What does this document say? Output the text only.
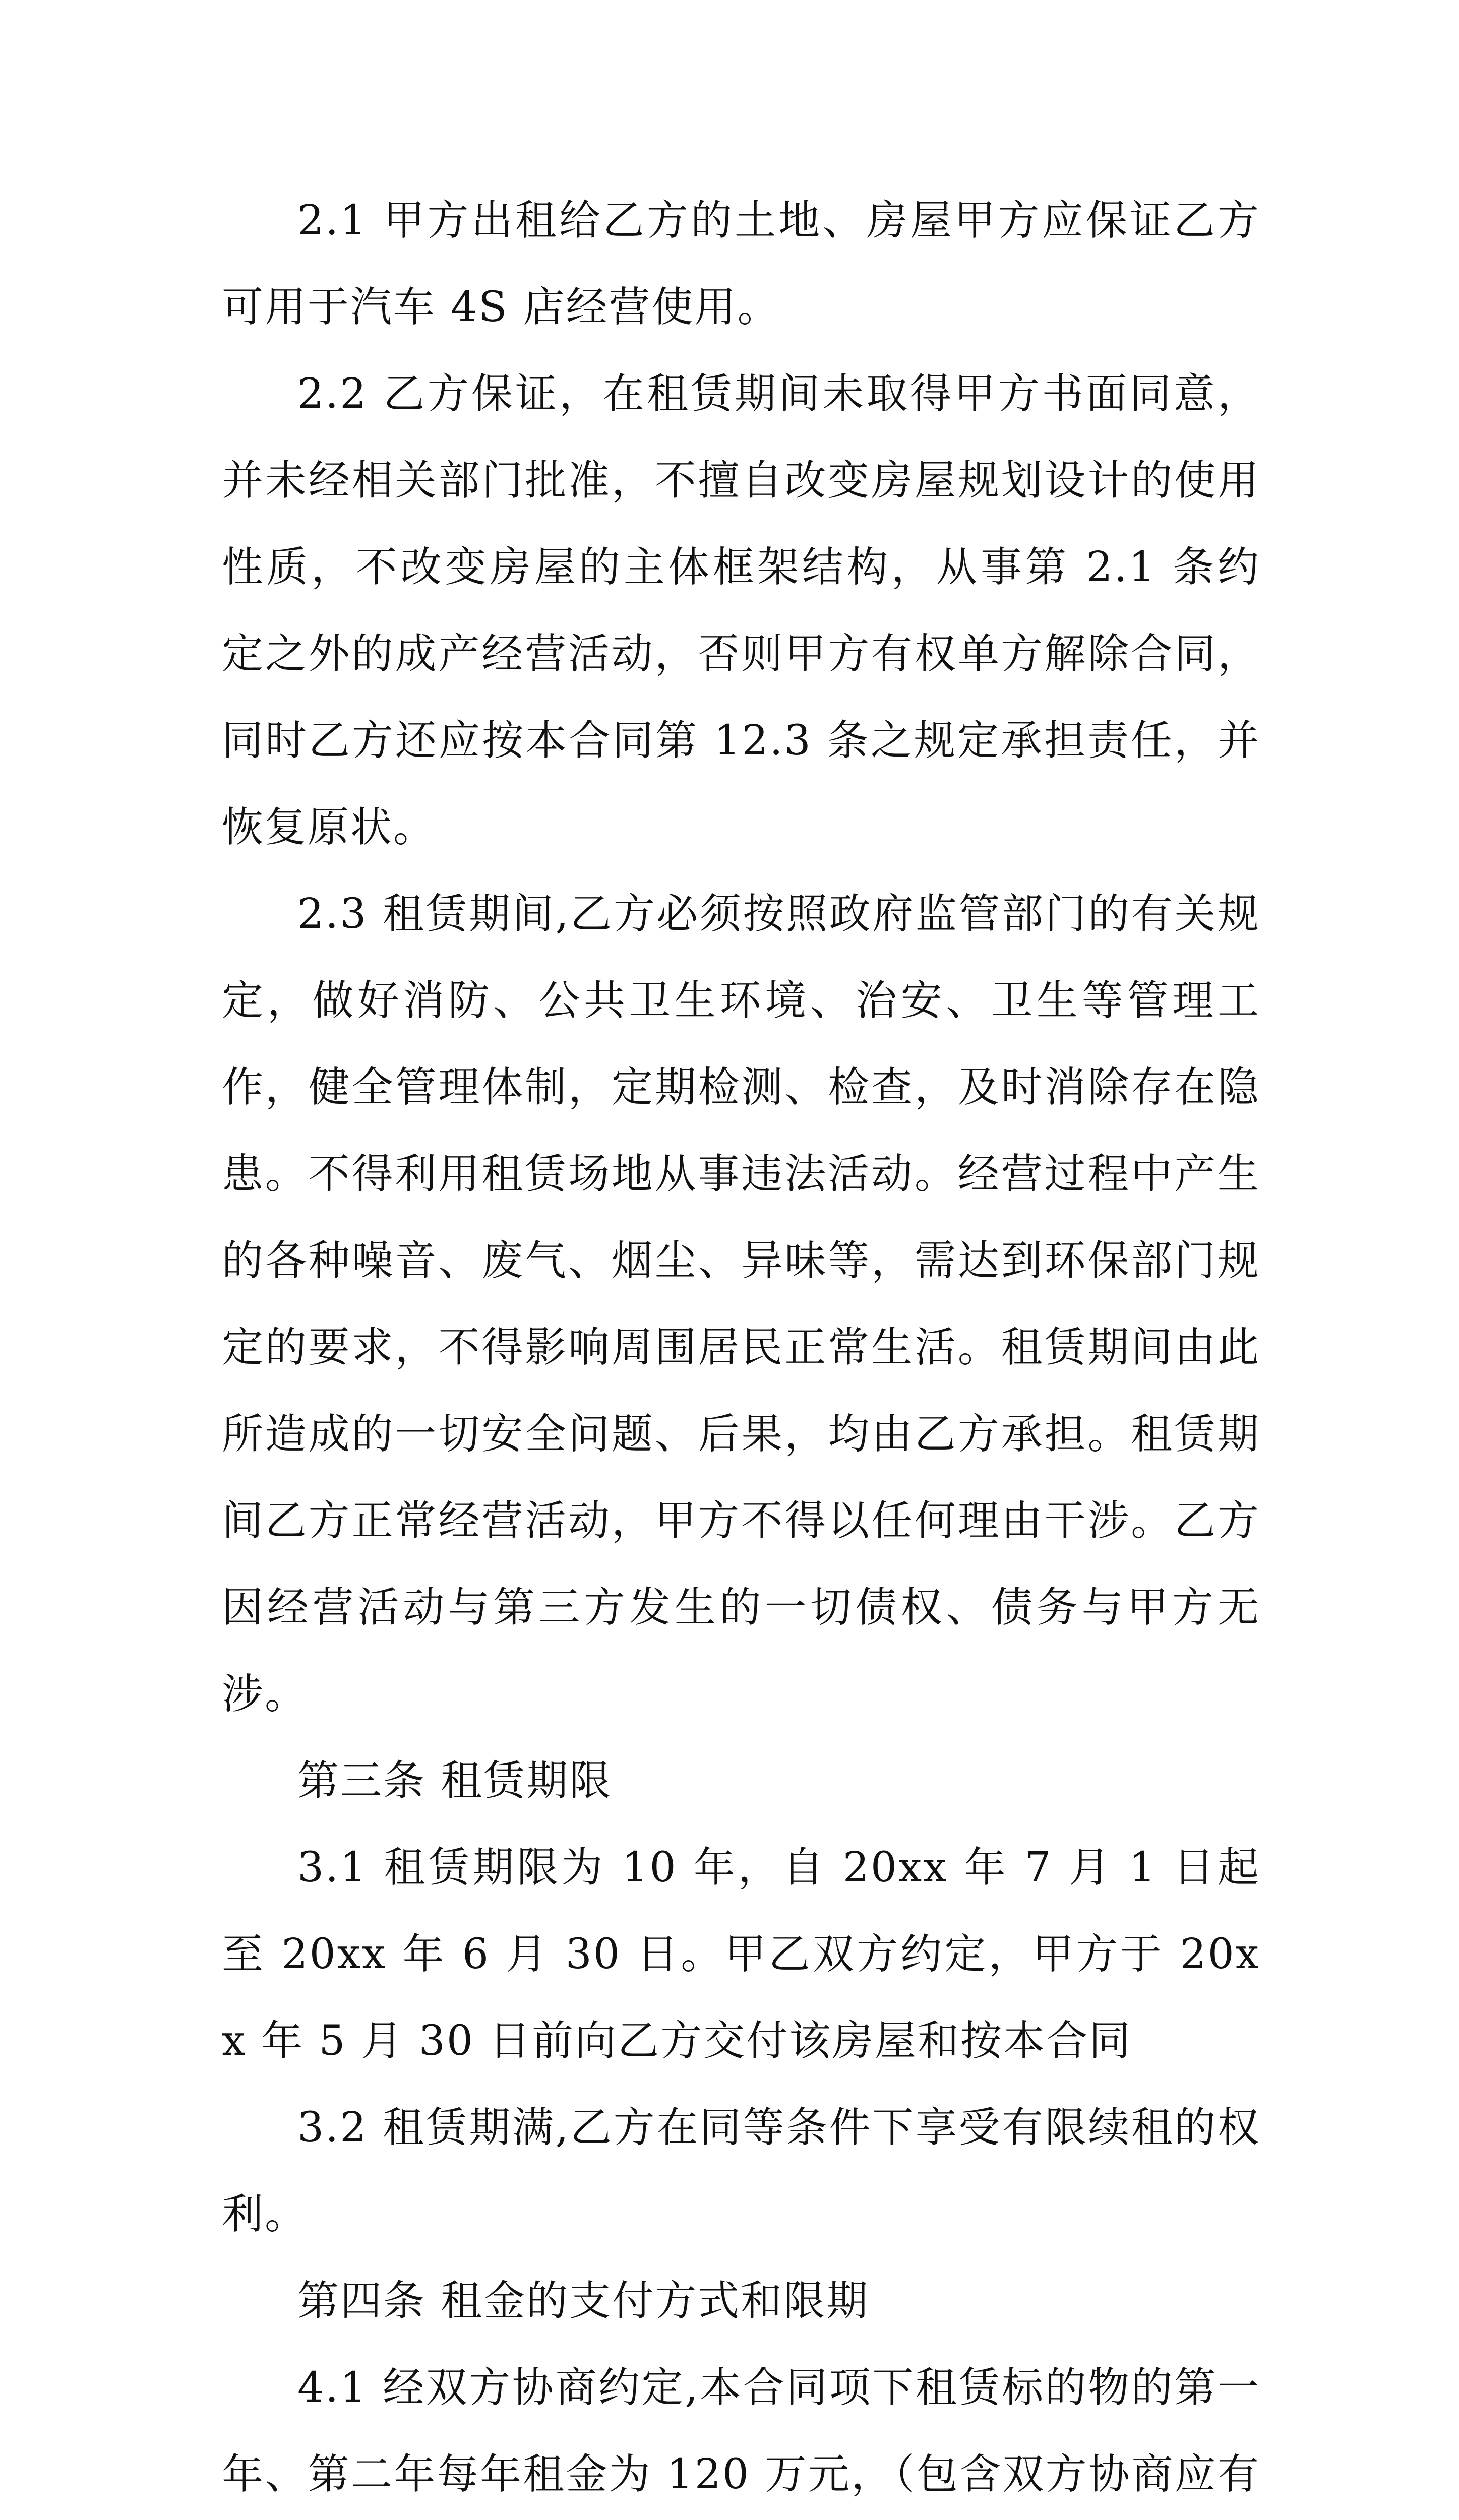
2.1 甲方出租给乙方的土地、房屋甲方应保证乙方可用于汽车 4S 店经营使用。

2.2 乙方保证，在租赁期间未取得甲方书面同意，并未经相关部门批准，不擅自改变房屋规划设计的使用性质，不改变房屋的主体框架结构，从事第 2.1 条约定之外的成产经营活动，否则甲方有权单方解除合同，同时乙方还应按本合同第 12.3 条之规定承担责任，并恢复原状。

2.3 租赁期间,乙方必须按照政府监管部门的有关规定，做好消防、公共卫生环境、治安、卫生等管理工作，健全管理体制，定期检测、检查，及时消除存在隐患。不得利用租赁场地从事违法活动。经营过程中产生的各种噪音、废气、烟尘、异味等，需达到环保部门规定的要求，不得影响周围居民正常生活。租赁期间由此所造成的一切安全问题、后果，均由乙方承担。租赁期间乙方正常经营活动，甲方不得以任何理由干涉。乙方因经营活动与第三方发生的一切债权、债务与甲方无涉。

第三条 租赁期限

3.1 租赁期限为 10 年，自 20xx 年 7 月 1 日起至 20xx 年 6 月 30 日。甲乙双方约定，甲方于 20xx 年 5 月 30 日前向乙方交付该房屋和按本合同

3.2 租赁期满,乙方在同等条件下享受有限续租的权利。

第四条 租金的支付方式和限期

4.1 经双方协商约定,本合同项下租赁标的物的第一年、第二年每年租金为 120 万元，（包含双方协商应有
